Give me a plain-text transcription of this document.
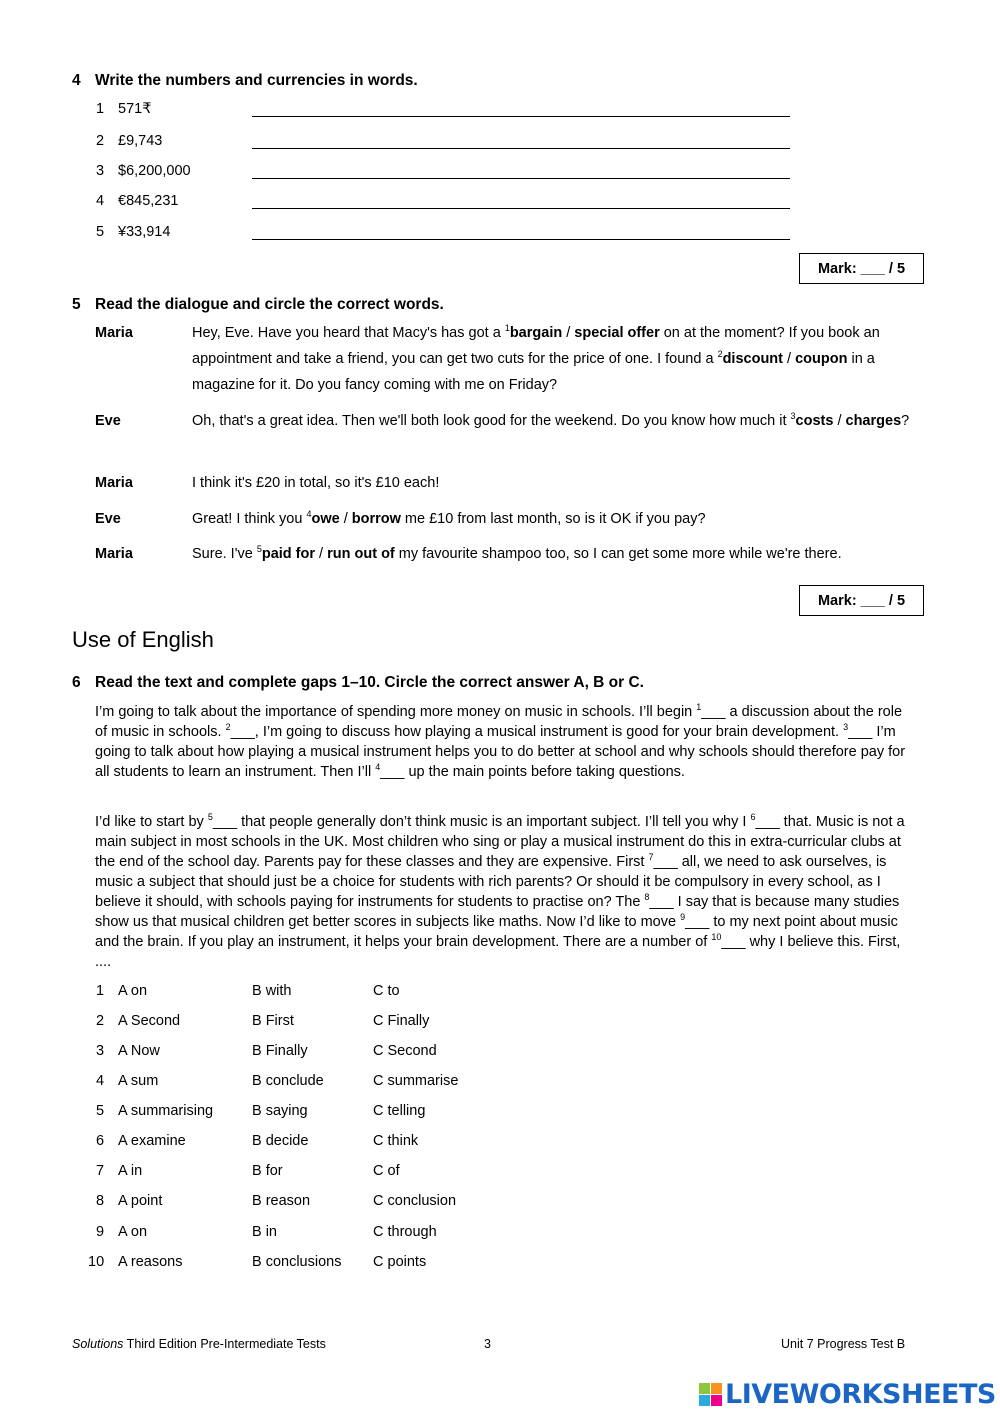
4 Write the numbers and currencies in words.
1 571₹
2 £9,743
3 $6,200,000
4 €845,231
5 ¥33,914
Mark: ___ / 5
5 Read the dialogue and circle the correct words.
Maria	Hey, Eve. Have you heard that Macy's has got a $^1$bargain / special offer on at the moment? If you book an appointment and take a friend, you can get two cuts for the price of one. I found a $^2$discount / coupon in a magazine for it. Do you fancy coming with me on Friday?
Eve	Oh, that's a great idea. Then we'll both look good for the weekend. Do you know how much it $^3$costs / charges?
Maria	I think it's £20 in total, so it's £10 each!
Eve	Great! I think you $^4$owe / borrow me £10 from last month, so is it OK if you pay?
Maria	Sure. I've $^5$paid for / run out of my favourite shampoo too, so I can get some more while we're there.
Mark: ___ / 5
Use of English
6 Read the text and complete gaps 1–10. Circle the correct answer A, B or C.
I’m going to talk about the importance of spending more money on music in schools. I’ll begin $^1$___ a discussion about the role of music in schools. $^2$___, I’m going to discuss how playing a musical instrument is good for your brain development. $^3$___ I’m going to talk about how playing a musical instrument helps you to do better at school and why schools should therefore pay for all students to learn an instrument. Then I’ll $^4$___ up the main points before taking questions.
I’d like to start by $^5$___ that people generally don’t think music is an important subject. I’ll tell you why I $^6$___ that. Music is not a main subject in most schools in the UK. Most children who sing or play a musical instrument do this in extra-curricular clubs at the end of the school day. Parents pay for these classes and they are expensive. First $^7$___ all, we need to ask ourselves, is music a subject that should just be a choice for students with rich parents? Or should it be compulsory in every school, as I believe it should, with schools paying for instruments for students to practise on? The $^8$___ I say that is because many studies show us that musical children get better scores in subjects like maths. Now I’d like to move $^9$___ to my next point about music and the brain. If you play an instrument, it helps your brain development. There are a number of $^{10}$___ why I believe this. First, ....
1 A on	B with	C to
2 A Second	B First	C Finally
3 A Now	B Finally	C Second
4 A sum	B conclude	C summarise
5 A summarising	B saying	C telling
6 A examine	B decide	C think
7 A in	B for	C of
8 A point	B reason	C conclusion
9 A on	B in	C through
10 A reasons	B conclusions C points
Solutions Third Edition Pre-Intermediate Tests	3	Unit 7 Progress Test B
LIVEWORKSHEETS
